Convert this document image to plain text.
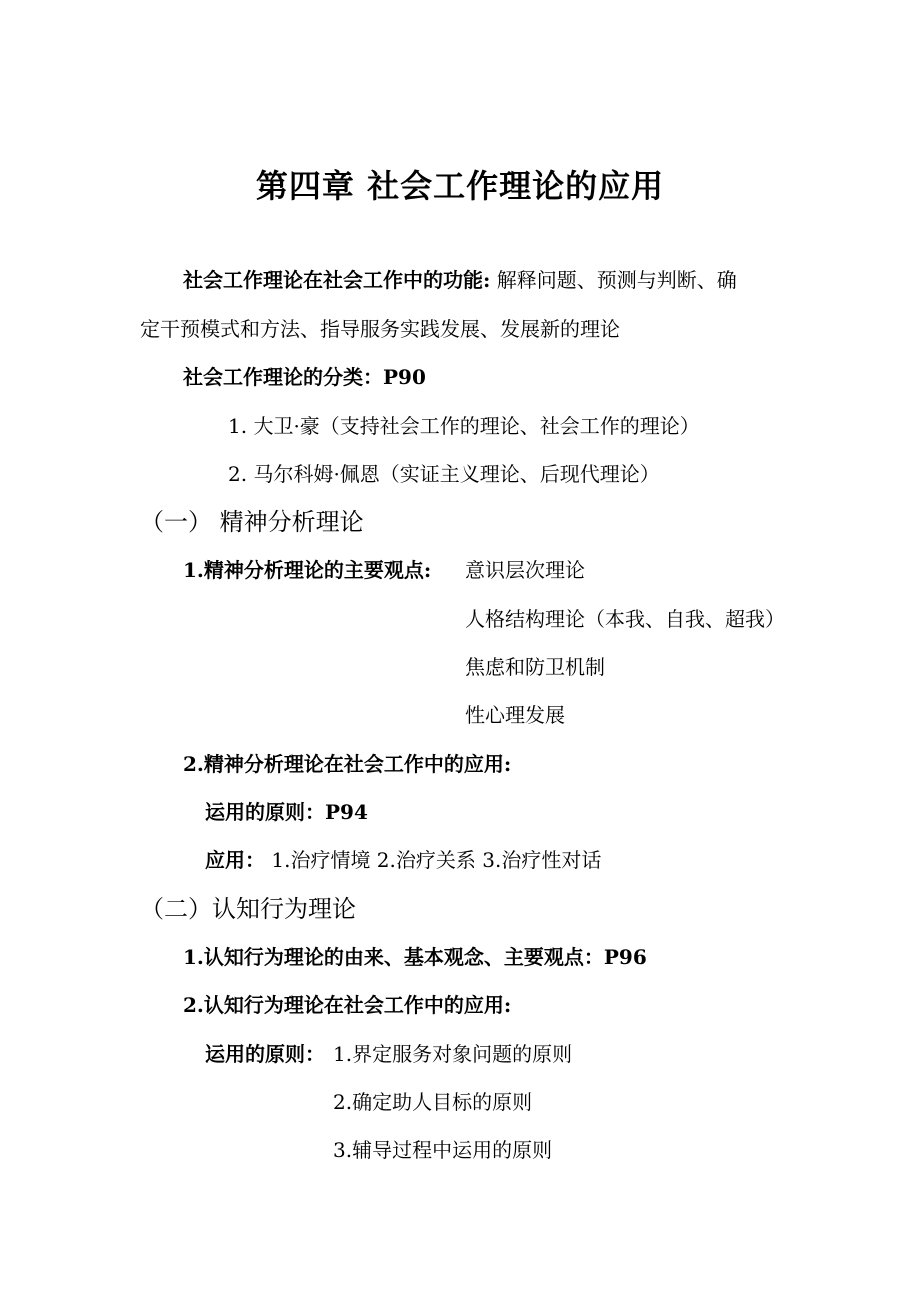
第四章 社会工作理论的应用
社会工作理论在社会工作中的功能: 解释问题、预测与判断、确
定干预模式和方法、指导服务实践发展、发展新的理论
社会工作理论的分类：P90
1. 大卫·豪（支持社会工作的理论、社会工作的理论）
2. 马尔科姆·佩恩（实证主义理论、后现代理论）
（一） 精神分析理论
1.精神分析理论的主要观点: 意识层次理论
人格结构理论（本我、自我、超我）
焦虑和防卫机制
性心理发展
2.精神分析理论在社会工作中的应用:
运用的原则：P94
应用： 1.治疗情境 2.治疗关系 3.治疗性对话
（二）认知行为理论
1.认知行为理论的由来、基本观念、主要观点：P96
2.认知行为理论在社会工作中的应用:
运用的原则： 1.界定服务对象问题的原则
2.确定助人目标的原则
3.辅导过程中运用的原则
